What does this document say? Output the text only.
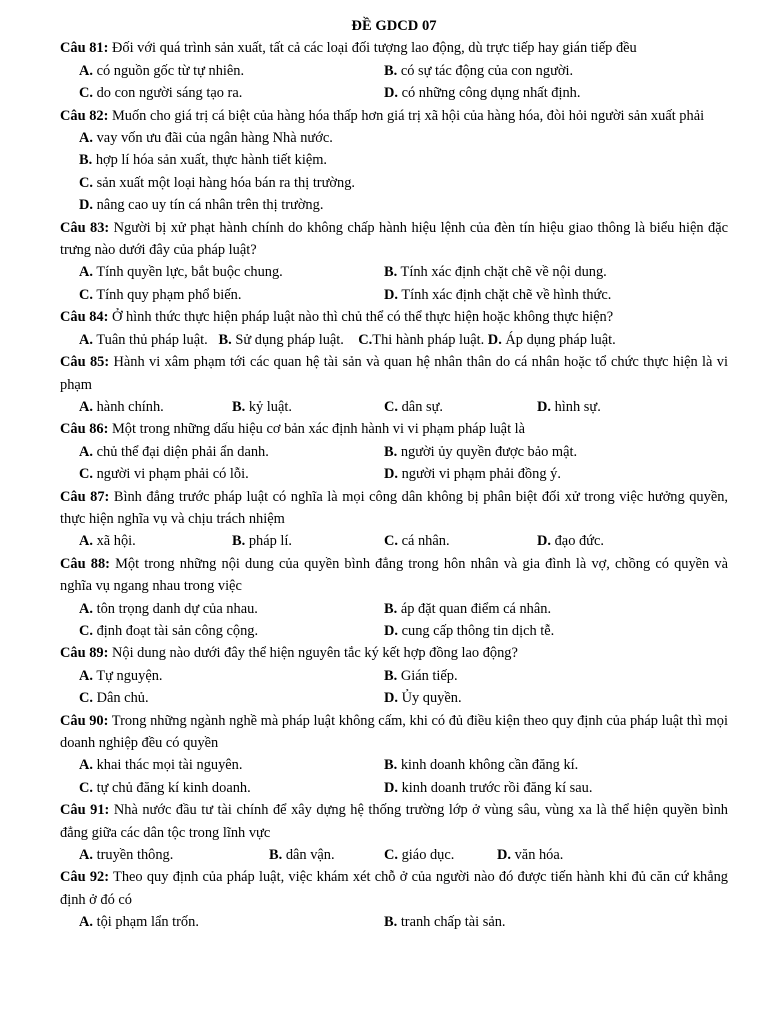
ĐỀ GDCD 07
Câu 81: Đối với quá trình sản xuất, tất cả các loại đối tượng lao động, dù trực tiếp hay gián tiếp đều
A. có nguồn gốc từ tự nhiên.	B. có sự tác động của con người.
C. do con người sáng tạo ra.	D. có những công dụng nhất định.
Câu 82: Muốn cho giá trị cá biệt của hàng hóa thấp hơn giá trị xã hội của hàng hóa, đòi hỏi người sản xuất phải
A. vay vốn ưu đãi của ngân hàng Nhà nước.
B. hợp lí hóa sản xuất, thực hành tiết kiệm.
C. sản xuất một loại hàng hóa bán ra thị trường.
D. nâng cao uy tín cá nhân trên thị trường.
Câu 83: Người bị xử phạt hành chính do không chấp hành hiệu lệnh của đèn tín hiệu giao thông là biểu hiện đặc trưng nào dưới đây của pháp luật?
A. Tính quyền lực, bắt buộc chung.	B. Tính xác định chặt chẽ về nội dung.
C. Tính quy phạm phổ biến.	D. Tính xác định chặt chẽ về hình thức.
Câu 84: Ở hình thức thực hiện pháp luật nào thì chủ thể có thể thực hiện hoặc không thực hiện?
A. Tuân thủ pháp luật. B. Sử dụng pháp luật. C.Thi hành pháp luật. D. Áp dụng pháp luật.
Câu 85: Hành vi xâm phạm tới các quan hệ tài sản và quan hệ nhân thân do cá nhân hoặc tổ chức thực hiện là vi phạm
A. hành chính.	B. kỷ luật.	C. dân sự.	D. hình sự.
Câu 86: Một trong những dấu hiệu cơ bản xác định hành vi vi phạm pháp luật là
A. chủ thể đại diện phải ẩn danh.	B. người ủy quyền được bảo mật.
C. người vi phạm phải có lỗi.	D. người vi phạm phải đồng ý.
Câu 87: Bình đẳng trước pháp luật có nghĩa là mọi công dân không bị phân biệt đối xử trong việc hưởng quyền, thực hiện nghĩa vụ và chịu trách nhiệm
A. xã hội.	B. pháp lí.	C. cá nhân.	D. đạo đức.
Câu 88: Một trong những nội dung của quyền bình đẳng trong hôn nhân và gia đình là vợ, chồng có quyền và nghĩa vụ ngang nhau trong việc
A. tôn trọng danh dự của nhau.	B. áp đặt quan điểm cá nhân.
C. định đoạt tài sản công cộng.	D. cung cấp thông tin dịch tễ.
Câu 89: Nội dung nào dưới đây thể hiện nguyên tắc ký kết hợp đồng lao động?
A. Tự nguyện.	B. Gián tiếp.
C. Dân chủ.	D. Ủy quyền.
Câu 90: Trong những ngành nghề mà pháp luật không cấm, khi có đủ điều kiện theo quy định của pháp luật thì mọi doanh nghiệp đều có quyền
A. khai thác mọi tài nguyên.	B. kinh doanh không cần đăng kí.
C. tự chủ đăng kí kinh doanh.	D. kinh doanh trước rồi đăng kí sau.
Câu 91: Nhà nước đầu tư tài chính để xây dựng hệ thống trường lớp ở vùng sâu, vùng xa là thể hiện quyền bình đẳng giữa các dân tộc trong lĩnh vực
A. truyền thông.	B. dân vận.	C. giáo dục.	D. văn hóa.
Câu 92: Theo quy định của pháp luật, việc khám xét chỗ ở của người nào đó được tiến hành khi đủ căn cứ khẳng định ở đó có
A. tội phạm lẩn trốn.	B. tranh chấp tài sản.
